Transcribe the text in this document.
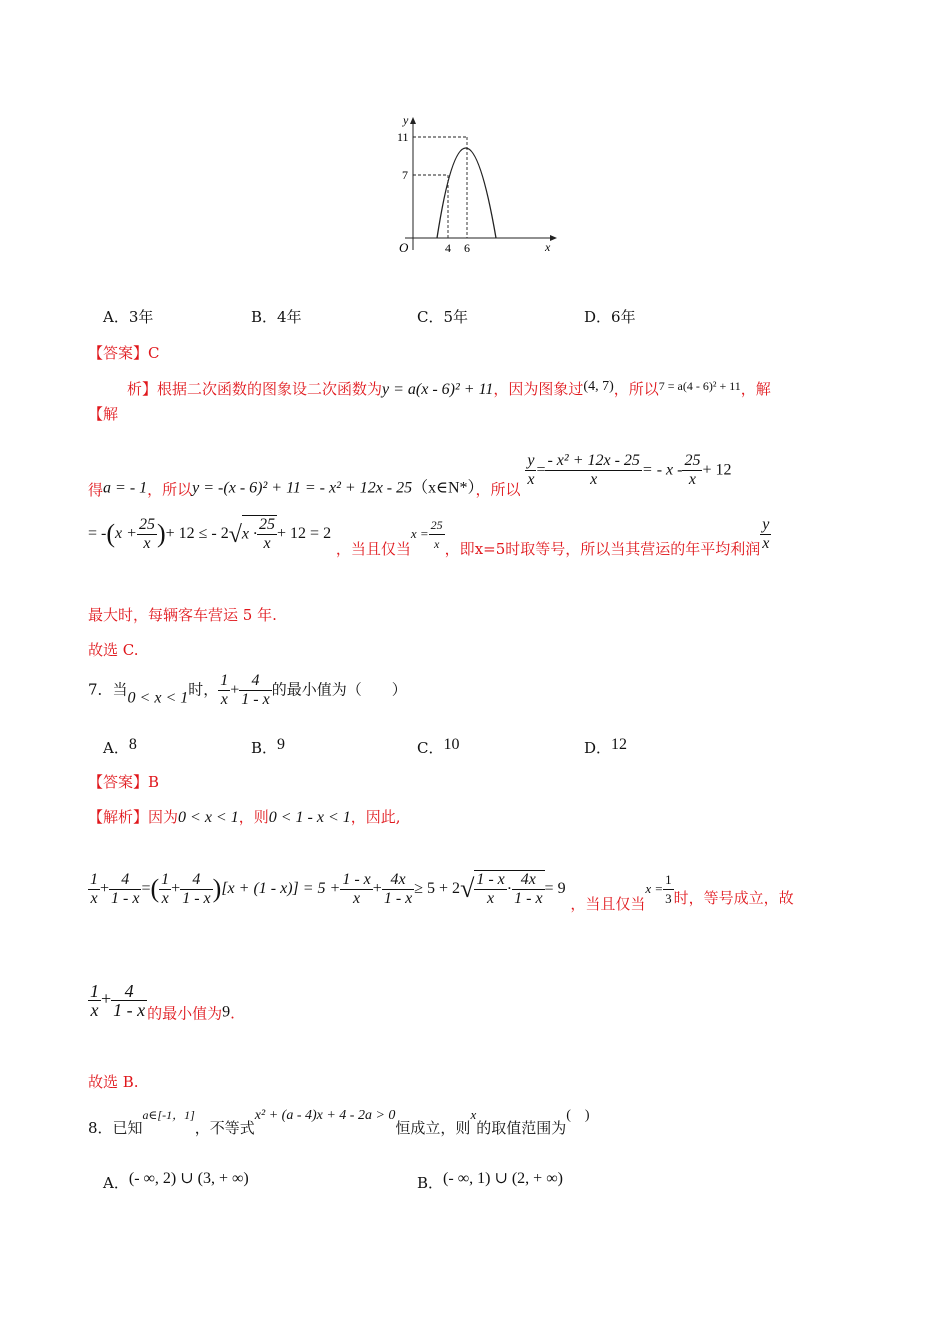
y
x
O
11
7
4 6
A．3年	B．4年	C．5年	D．6年
【答案】C
析】根据二次函数的图象设二次函数为y = a(x - 6)² + 11，因为图象过(4, 7)，所以$^{7 = a(4 - 6)^2 + 11}$，解
【解
得a = - 1，所以y = -(x - 6)² + 11 = - x² + 12x - 25（x∈N*），所以
$\frac{y}{x} = \frac{\text{- x² + 12x - 25}}{x}$ = - $x - \frac{25}{x} + 12$
= $-(x + \frac{25}{x}$ )+ 12 ≤ - $2√x \cdot \frac{25}{x} + 12 = 2$ ，当且仅当$x = \frac{25}{x}$ ，即x=5时取等号，所以当其营运的年平均利润 $\frac{y}{x}$
最大时，每辆客车营运 5 年.
故选 C.
7．当0 < x < 1时， $\frac{1}{x} + \frac{4}{1 - x}$ 的最小值为（　　）
A．8	B．9	C．10	D．12
【答案】B
【解析】因为0 < x < 1，则0 < 1 - x < 1，因此,
$\frac{1}{x} + \frac{4}{1 - x}$ =( $\frac{1}{x} + \frac{4}{1 - x} )[x + (1 - x)] = 5 + \frac{1 - x}{x} + \frac{4x}{1 - x} \ge 5 + 2√ \frac{1 - x}{x} \cdot \frac{4x}{1 - x} = 9$ ，当且仅当$x = \frac{1}{3}$ 时，等号成立，故
$\frac{1}{x} + \frac{4}{1 - x}$ 的最小值为9.
故选 B.
8．已知a∈[-1，1]，不等式x² + (a - 4)x + 4 - 2a > 0恒成立，则x的取值范围为(　)
A．(- ∞, 2) ∪ (3, + ∞)	B．(- ∞, 1) ∪ (2, + ∞)
